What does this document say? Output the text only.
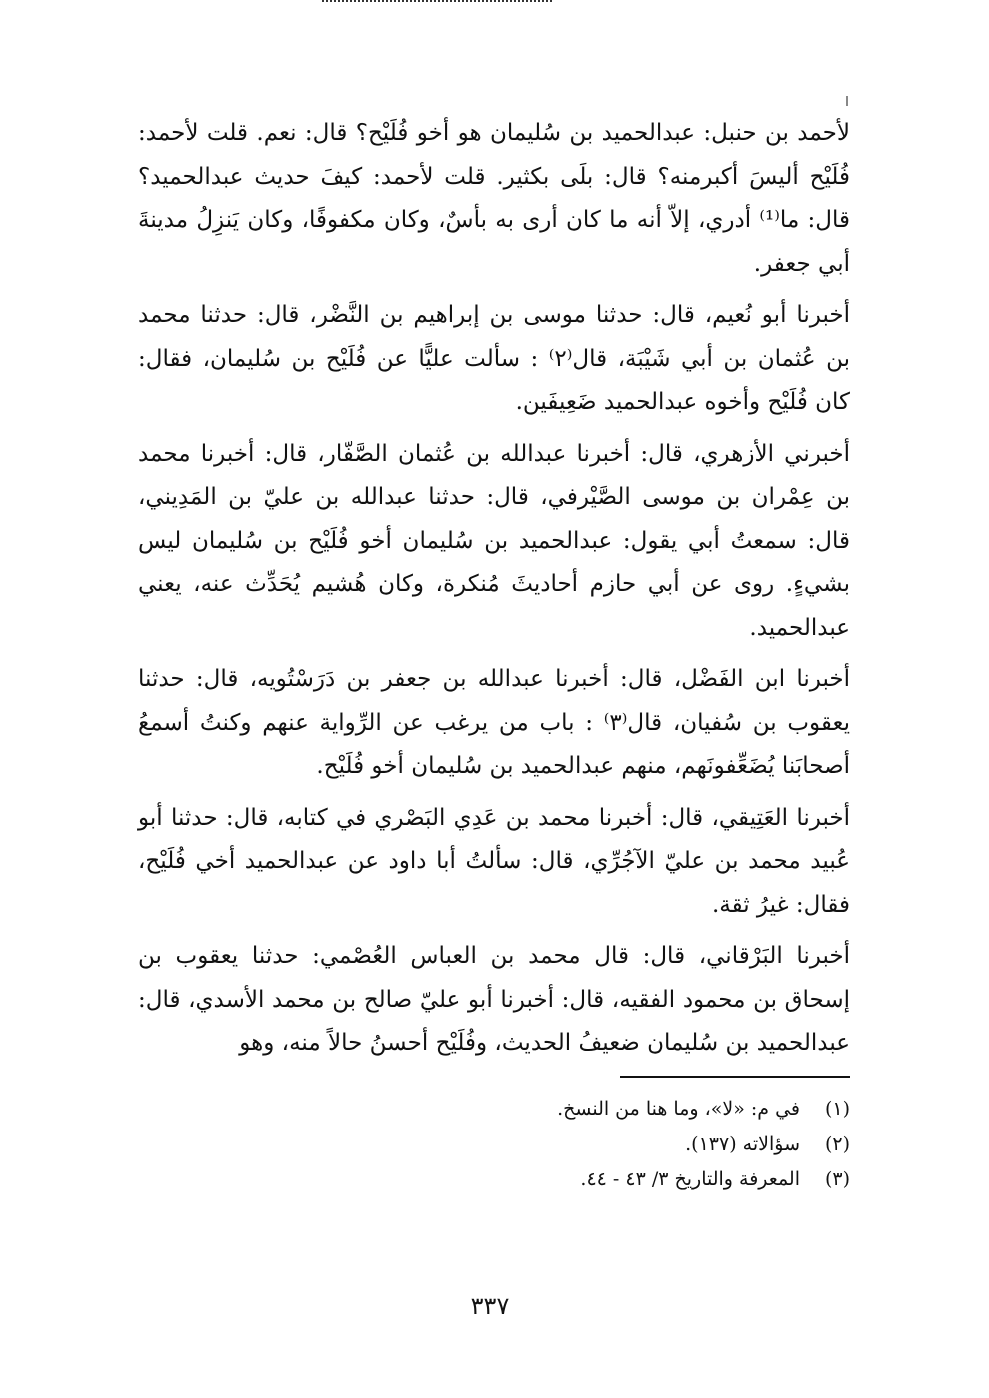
لأحمد بن حنبل: عبدالحميد بن سُليمان هو أخو فُلَيْح؟ قال: نعم. قلت لأحمد: فُلَيْح أليسَ أكبرمنه؟ قال: بلَى بكثير. قلت لأحمد: كيفَ حديث عبدالحميد؟ قال: ما⁽¹⁾ أدري، إلاّ أنه ما كان أرى به بأسٌ، وكان مكفوفًا، وكان يَنزِلُ مدينةَ أبي جعفر.

أخبرنا أبو نُعيم، قال: حدثنا موسى بن إبراهيم بن النَّضْر، قال: حدثنا محمد بن عُثمان بن أبي شَيْبَة، قال⁽٢⁾ : سألت عليًّا عن فُلَيْح بن سُليمان، فقال: كان فُلَيْح وأخوه عبدالحميد ضَعِيفَين.

أخبرني الأزهري، قال: أخبرنا عبدالله بن عُثمان الصَّفّار، قال: أخبرنا محمد بن عِمْران بن موسى الصَّيْرفي، قال: حدثنا عبدالله بن عليّ بن المَدِيني، قال: سمعتُ أبي يقول: عبدالحميد بن سُليمان أخو فُلَيْح بن سُليمان ليس بشيءٍ. روى عن أبي حازم أحاديثَ مُنكرة، وكان هُشيم يُحَدِّث عنه، يعني عبدالحميد.

أخبرنا ابن الفَضْل، قال: أخبرنا عبدالله بن جعفر بن دَرَسْتُويه، قال: حدثنا يعقوب بن سُفيان، قال⁽٣⁾ : باب من يرغب عن الرِّواية عنهم وكنتُ أسمعُ أصحابَنا يُضَعِّفونَهم، منهم عبدالحميد بن سُليمان أخو فُلَيْح.

أخبرنا العَتِيقي، قال: أخبرنا محمد بن عَدِي البَصْري في كتابه، قال: حدثنا أبو عُبيد محمد بن عليّ الآجُرِّي، قال: سألتُ أبا داود عن عبدالحميد أخي فُلَيْح، فقال: غيرُ ثقة.

أخبرنا البَرْقاني، قال: قال محمد بن العباس العُصْمي: حدثنا يعقوب بن إسحاق بن محمود الفقيه، قال: أخبرنا أبو عليّ صالح بن محمد الأسدي، قال: عبدالحميد بن سُليمان ضعيفُ الحديث، وفُلَيْح أحسنُ حالاً منه، وهو

(١)
في م: «لا»، وما هنا من النسخ.
(٢)
سؤالاته (١٣٧).
(٣)
المعرفة والتاريخ ٣/ ٤٣ - ٤٤.
٣٣٧
